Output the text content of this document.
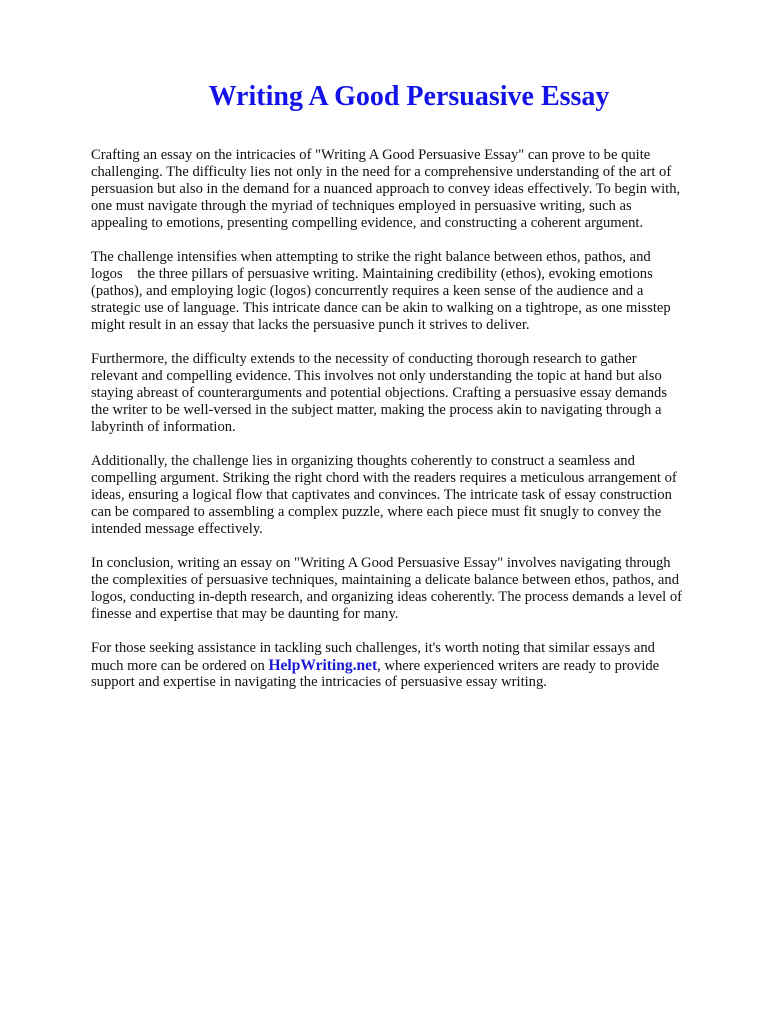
Writing A Good Persuasive Essay

Crafting an essay on the intricacies of "Writing A Good Persuasive Essay" can prove to be quite
challenging. The difficulty lies not only in the need for a comprehensive understanding of the art of
persuasion but also in the demand for a nuanced approach to convey ideas effectively. To begin with,
one must navigate through the myriad of techniques employed in persuasive writing, such as
appealing to emotions, presenting compelling evidence, and constructing a coherent argument.

The challenge intensifies when attempting to strike the right balance between ethos, pathos, and
logos    the three pillars of persuasive writing. Maintaining credibility (ethos), evoking emotions
(pathos), and employing logic (logos) concurrently requires a keen sense of the audience and a
strategic use of language. This intricate dance can be akin to walking on a tightrope, as one misstep
might result in an essay that lacks the persuasive punch it strives to deliver.

Furthermore, the difficulty extends to the necessity of conducting thorough research to gather
relevant and compelling evidence. This involves not only understanding the topic at hand but also
staying abreast of counterarguments and potential objections. Crafting a persuasive essay demands
the writer to be well-versed in the subject matter, making the process akin to navigating through a
labyrinth of information.

Additionally, the challenge lies in organizing thoughts coherently to construct a seamless and
compelling argument. Striking the right chord with the readers requires a meticulous arrangement of
ideas, ensuring a logical flow that captivates and convinces. The intricate task of essay construction
can be compared to assembling a complex puzzle, where each piece must fit snugly to convey the
intended message effectively.

In conclusion, writing an essay on "Writing A Good Persuasive Essay" involves navigating through
the complexities of persuasive techniques, maintaining a delicate balance between ethos, pathos, and
logos, conducting in-depth research, and organizing ideas coherently. The process demands a level of
finesse and expertise that may be daunting for many.

For those seeking assistance in tackling such challenges, it's worth noting that similar essays and
much more can be ordered on HelpWriting.net, where experienced writers are ready to provide
support and expertise in navigating the intricacies of persuasive essay writing.
